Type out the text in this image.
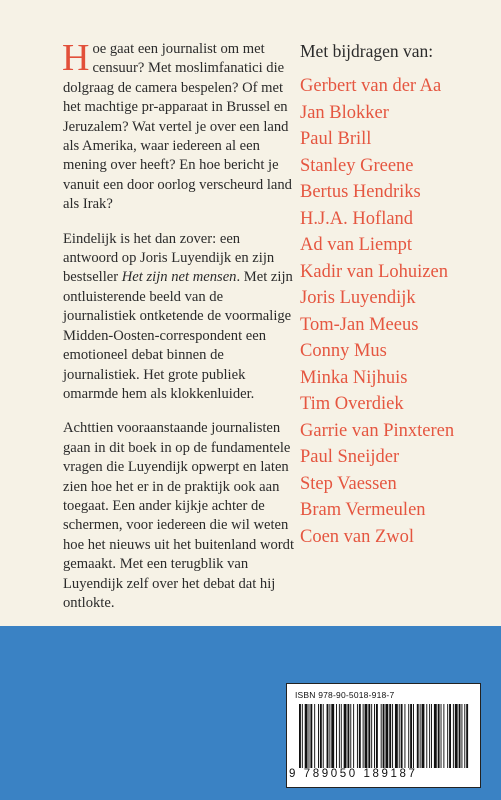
Hoe gaat een journalist om met censuur? Met moslimfanatici die dolgraag de camera bespelen? Of met het machtige pr-apparaat in Brussel en Jeruzalem? Wat vertel je over een land als Amerika, waar iedereen al een mening over heeft? En hoe bericht je vanuit een door oorlog verscheurd land als Irak?

Eindelijk is het dan zover: een antwoord op Joris Luyendijk en zijn bestseller Het zijn net mensen. Met zijn ontluisterende beeld van de journalistiek ontketende de voormalige Midden-Oosten-correspondent een emotioneel debat binnen de journalistiek. Het grote publiek omarmde hem als klokkenluider.

Achttien vooraanstaande journalisten gaan in dit boek in op de fundamentele vragen die Luyendijk opwerpt en laten zien hoe het er in de praktijk ook aan toegaat. Een ander kijkje achter de schermen, voor iedereen die wil weten hoe het nieuws uit het buitenland wordt gemaakt. Met een terugblik van Luyendijk zelf over het debat dat hij ontlokte.

Met bijdragen van:
Gerbert van der Aa
Jan Blokker
Paul Brill
Stanley Greene
Bertus Hendriks
H.J.A. Hofland
Ad van Liempt
Kadir van Lohuizen
Joris Luyendijk
Tom-Jan Meeus
Conny Mus
Minka Nijhuis
Tim Overdiek
Garrie van Pinxteren
Paul Sneijder
Step Vaessen
Bram Vermeulen
Coen van Zwol
ISBN 978-90-5018-918-7
9 789050 189187
